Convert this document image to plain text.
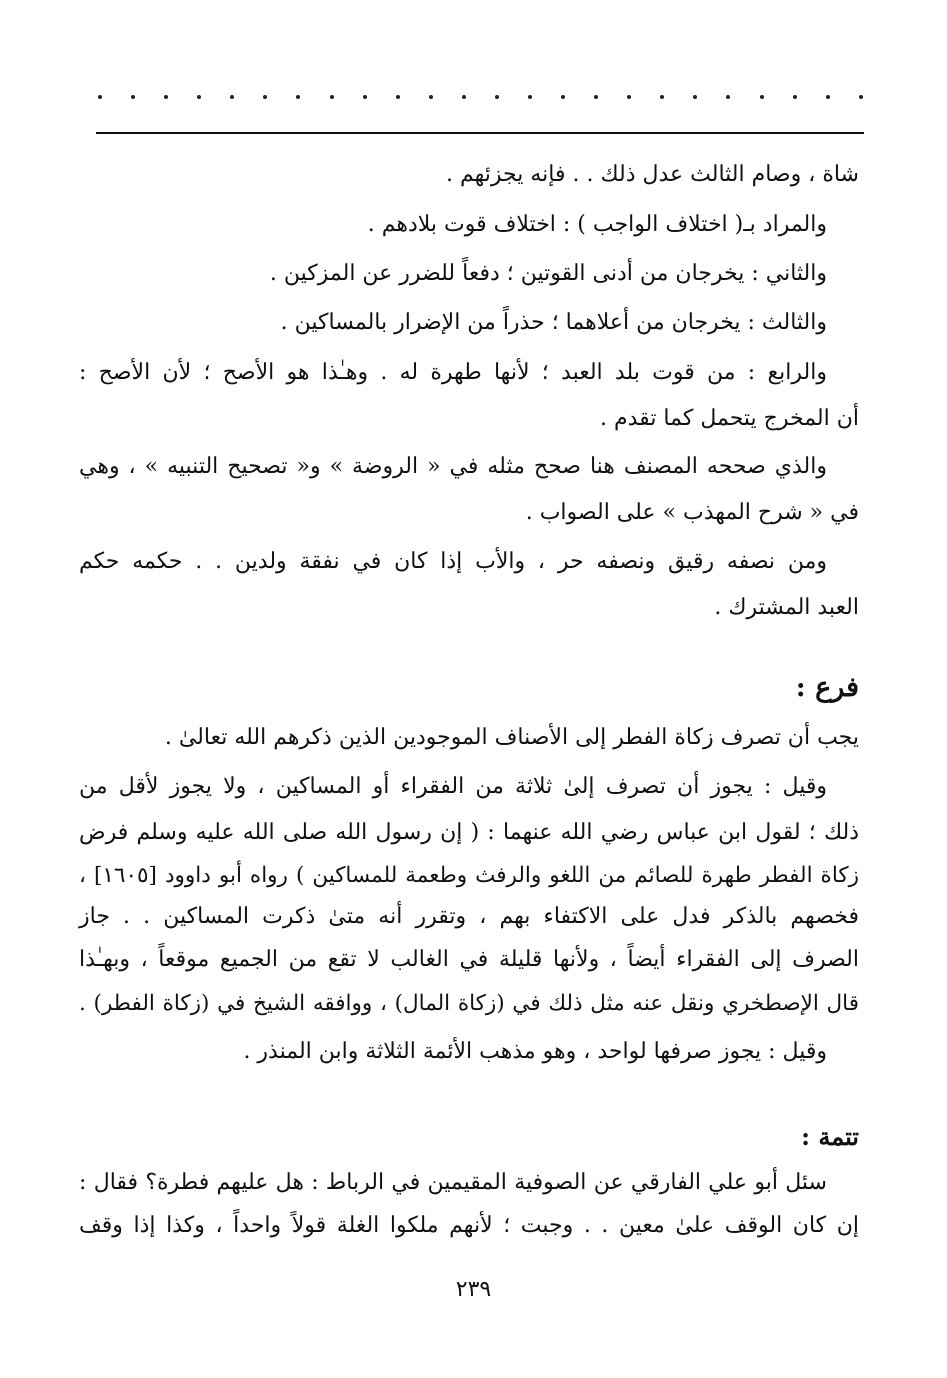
شاة ، وصام الثالث عدل ذلك . . فإنه يجزئهم .
والمراد بـ( اختلاف الواجب ) : اختلاف قوت بلادهم .
والثاني : يخرجان من أدنى القوتين ؛ دفعاً للضرر عن المزكين .
والثالث : يخرجان من أعلاهما ؛ حذراً من الإضرار بالمساكين .
والرابع : من قوت بلد العبد ؛ لأنها طهرة له . وهـٰذا هو الأصح ؛ لأن الأصح :
أن المخرج يتحمل كما تقدم .
والذي صححه المصنف هنا صحح مثله في « الروضة » و« تصحيح التنبيه » ، وهي
في « شرح المهذب » على الصواب .
ومن نصفه رقيق ونصفه حر ، والأب إذا كان في نفقة ولدين . . حكمه حكم
العبد المشترك .
فرع :
يجب أن تصرف زكاة الفطر إلى الأصناف الموجودين الذين ذكرهم الله تعالىٰ .
وقيل : يجوز أن تصرف إلىٰ ثلاثة من الفقراء أو المساكين ، ولا يجوز لأقل من
ذلك ؛ لقول ابن عباس رضي الله عنهما : ( إن رسول الله صلى الله عليه وسلم فرض
زكاة الفطر طهرة للصائم من اللغو والرفث وطعمة للمساكين ) رواه أبو داوود [١٦٠٥] ،
فخصهم بالذكر فدل على الاكتفاء بهم ، وتقرر أنه متىٰ ذكرت المساكين . . جاز
الصرف إلى الفقراء أيضاً ، ولأنها قليلة في الغالب لا تقع من الجميع موقعاً ، وبهـٰذا
قال الإصطخري ونقل عنه مثل ذلك في (زكاة المال) ، ووافقه الشيخ في (زكاة الفطر) .
وقيل : يجوز صرفها لواحد ، وهو مذهب الأئمة الثلاثة وابن المنذر .
تتمة :
سئل أبو علي الفارقي عن الصوفية المقيمين في الرباط : هل عليهم فطرة؟ فقال :
إن كان الوقف علىٰ معين . . وجبت ؛ لأنهم ملكوا الغلة قولاً واحداً ، وكذا إذا وقف
٢٣٩
